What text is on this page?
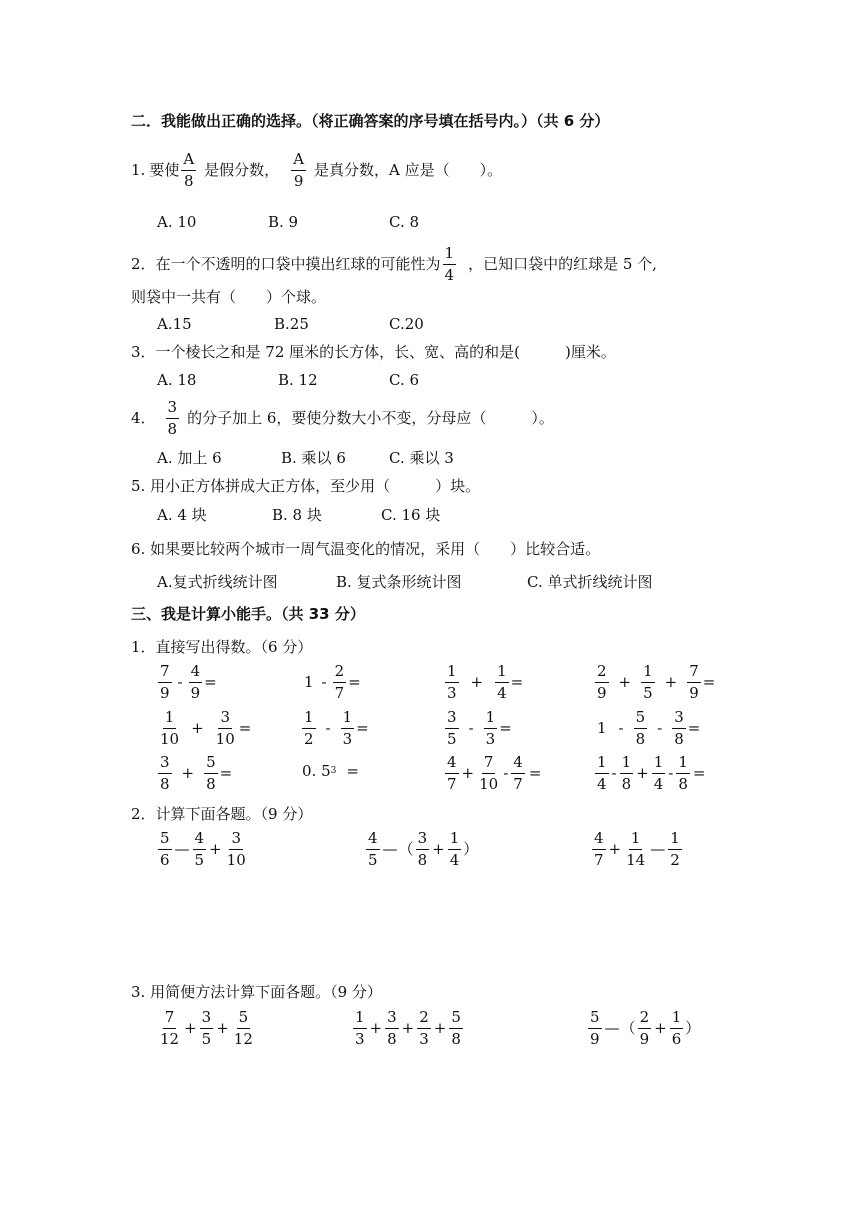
二．我能做出正确的选择。（将正确答案的序号填在括号内。）（共 6 分）
1. 要使 $\frac{A}{8}$ 是假分数， $\frac{A}{9}$ 是真分数，A 应是（　　）。
A. 10	B. 9	C. 8
2．在一个不透明的口袋中摸出红球的可能性为 $\frac{1}{4}$ ，已知口袋中的红球是 5 个,
则袋中一共有（　　）个球。
A.15	B.25	C.20
3．一个棱长之和是 72 厘米的长方体，长、宽、高的和是(　　　)厘米。
A. 18	B. 12	C. 6
4． $\frac{3}{8}$ 的分子加上 6，要使分数大小不变，分母应（　　　）。
A. 加上 6	B. 乘以 6	C. 乘以 3
5. 用小正方体拼成大正方体，至少用（　　　）块。
A. 4 块	B. 8 块	C. 16 块
6. 如果要比较两个城市一周气温变化的情况，采用（　　）比较合适。
A.复式折线统计图	B. 复式条形统计图	C. 单式折线统计图
三、我是计算小能手。（共 33 分）
1．直接写出得数。（6 分）
$\frac{7}{9} - \frac{4}{9}$ =	$1 - \frac{2}{7}$ =	$\frac{1}{3} + \frac{1}{4}$ =	$\frac{2}{9} + \frac{1}{5} + \frac{7}{9}$ =
$\frac{1}{10} + \frac{3}{10}$ =	$\frac{1}{2} - \frac{1}{3}$ =	$\frac{3}{5} - \frac{1}{3}$ =	$1 - \frac{5}{8} - \frac{3}{8}$ =
$\frac{3}{8} + \frac{5}{8}$ =	0. 5 3 =	$\frac{4}{7} + \frac{7}{10} - \frac{4}{7}$ =	$\frac{1}{4} - \frac{1}{8} + \frac{1}{4} - \frac{1}{8}$ =
2．计算下面各题。（9 分）
$\frac{5}{6}$ — $\frac{4}{5} + \frac{3}{10}$	$\frac{4}{5}$ — （ $\frac{3}{8} + \frac{1}{4}$ ）	$\frac{4}{7} + \frac{1}{14}$ — $\frac{1}{2}$
3. 用简便方法计算下面各题。（9 分）
$\frac{7}{12} + \frac{3}{5} + \frac{5}{12}$	$\frac{1}{3} + \frac{3}{8} + \frac{2}{3} + \frac{5}{8}$	$\frac{5}{9}$ — （ $\frac{2}{9} + \frac{1}{6}$ ）
